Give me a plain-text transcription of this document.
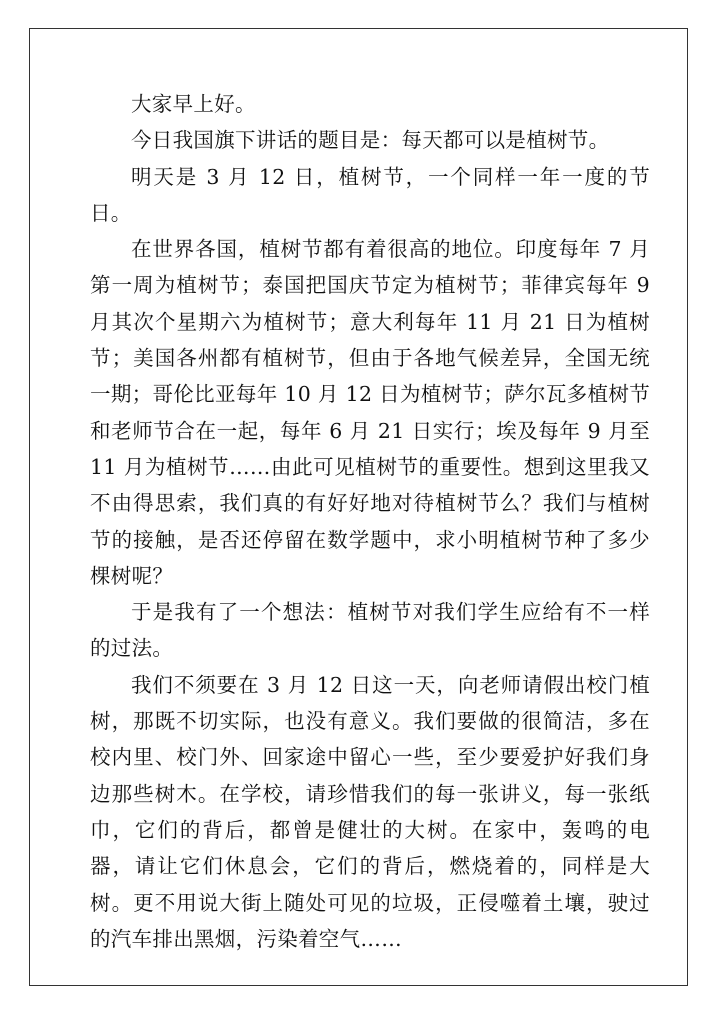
大家早上好。

今日我国旗下讲话的题目是：每天都可以是植树节。

明天是 3 月 12 日，植树节，一个同样一年一度的节日。

在世界各国，植树节都有着很高的地位。印度每年 7 月第一周为植树节；泰国把国庆节定为植树节；菲律宾每年 9 月其次个星期六为植树节；意大利每年 11 月 21 日为植树节；美国各州都有植树节，但由于各地气候差异，全国无统一期；哥伦比亚每年 10 月 12 日为植树节；萨尔瓦多植树节和老师节合在一起，每年 6 月 21 日实行；埃及每年 9 月至 11 月为植树节……由此可见植树节的重要性。想到这里我又不由得思索，我们真的有好好地对待植树节么？我们与植树节的接触，是否还停留在数学题中，求小明植树节种了多少棵树呢？

于是我有了一个想法：植树节对我们学生应给有不一样的过法。

我们不须要在 3 月 12 日这一天，向老师请假出校门植树，那既不切实际，也没有意义。我们要做的很简洁，多在校内里、校门外、回家途中留心一些，至少要爱护好我们身边那些树木。在学校，请珍惜我们的每一张讲义，每一张纸巾，它们的背后，都曾是健壮的大树。在家中，轰鸣的电器，请让它们休息会，它们的背后，燃烧着的，同样是大树。更不用说大街上随处可见的垃圾，正侵噬着土壤，驶过的汽车排出黑烟，污染着空气……
